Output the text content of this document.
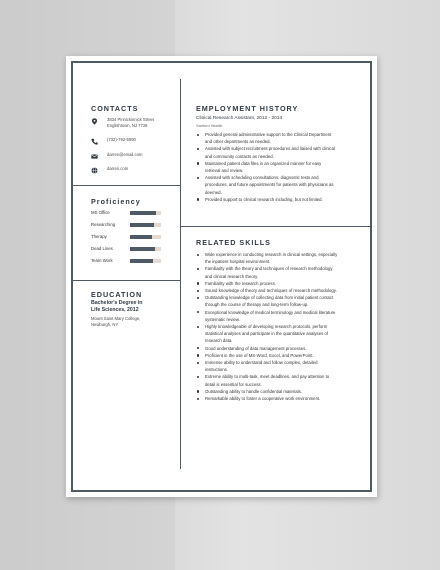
CONTACTS
3834 Pinnickinnick Street
Englishtown, NJ 7726
(732)-792-5890
darren@email.com
darren.com
Proficiency
MS Office
Researching
Therapy
Dead Lines
Team Work
EDUCATION
Bachelor's Degree in
Life Sciences, 2012
Mount Saint Mary College,
Newburgh, NY
EMPLOYMENT HISTORY
Clinical Research Assistant, 2012 - 2014
Sanford Health
Provided general administrative support to the Clinical Department
and other departments as needed.
Assisted with subject recruitment procedures and liaised with clinical
and community contacts as needed.
Maintained patient data files in an organized manner for easy
retrieval and review.
Assisted with scheduling consultations, diagnostic tests and
procedures, and future appointments for patients with physicians as
deemed.
Provided support to clinical research including, but not limited.
RELATED SKILLS
Wide experience in conducting research in clinical settings, especially
the inpatient hospital environment.
Familiarity with the theory and techniques of research methodology
and clinical research theory.
Familiarity with the research process.
Sound knowledge of theory and techniques of research methodology.
Outstanding knowledge of collecting data from initial patient contact
through the course of therapy and long-term follow-up.
Exceptional knowledge of medical terminology and medical literature
systematic review.
Highly knowledgeable of developing research protocols, perform
statistical analyses and participate in the quantitative analyses of
research data.
Good understanding of data management processes.
Proficient in the use of MS-Word, Excel, and PowerPoint.
Immense ability to understand and follow complex, detailed
instructions.
Extreme ability to multi-task, meet deadlines, and pay attention to
detail is essential for success.
Outstanding ability to handle confidential materials.
Remarkable ability to foster a cooperative work environment.
